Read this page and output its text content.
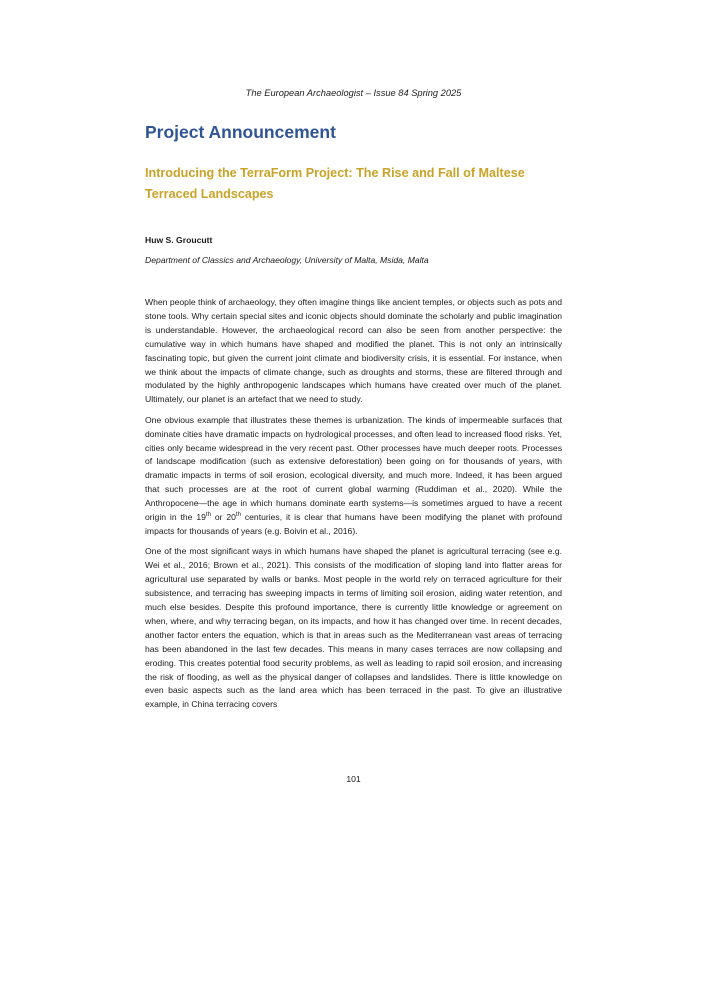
The European Archaeologist – Issue 84 Spring 2025
Project Announcement
Introducing the TerraForm Project: The Rise and Fall of Maltese Terraced Landscapes
Huw S. Groucutt
Department of Classics and Archaeology, University of Malta, Msida, Malta

When people think of archaeology, they often imagine things like ancient temples, or objects such as pots and stone tools. Why certain special sites and iconic objects should dominate the scholarly and public imagination is understandable. However, the archaeological record can also be seen from another perspective: the cumulative way in which humans have shaped and modified the planet. This is not only an intrinsically fascinating topic, but given the current joint climate and biodiversity crisis, it is essential. For instance, when we think about the impacts of climate change, such as droughts and storms, these are filtered through and modulated by the highly anthropogenic landscapes which humans have created over much of the planet. Ultimately, our planet is an artefact that we need to study.

One obvious example that illustrates these themes is urbanization. The kinds of impermeable surfaces that dominate cities have dramatic impacts on hydrological processes, and often lead to increased flood risks. Yet, cities only became widespread in the very recent past. Other processes have much deeper roots. Processes of landscape modification (such as extensive deforestation) been going on for thousands of years, with dramatic impacts in terms of soil erosion, ecological diversity, and much more. Indeed, it has been argued that such processes are at the root of current global warming (Ruddiman et al., 2020). While the Anthropocene—the age in which humans dominate earth systems—is sometimes argued to have a recent origin in the 19th or 20th centuries, it is clear that humans have been modifying the planet with profound impacts for thousands of years (e.g. Boivin et al., 2016).

One of the most significant ways in which humans have shaped the planet is agricultural terracing (see e.g. Wei et al., 2016; Brown et al., 2021). This consists of the modification of sloping land into flatter areas for agricultural use separated by walls or banks. Most people in the world rely on terraced agriculture for their subsistence, and terracing has sweeping impacts in terms of limiting soil erosion, aiding water retention, and much else besides. Despite this profound importance, there is currently little knowledge or agreement on when, where, and why terracing began, on its impacts, and how it has changed over time. In recent decades, another factor enters the equation, which is that in areas such as the Mediterranean vast areas of terracing has been abandoned in the last few decades. This means in many cases terraces are now collapsing and eroding. This creates potential food security problems, as well as leading to rapid soil erosion, and increasing the risk of flooding, as well as the physical danger of collapses and landslides. There is little knowledge on even basic aspects such as the land area which has been terraced in the past. To give an illustrative example, in China terracing covers

101
